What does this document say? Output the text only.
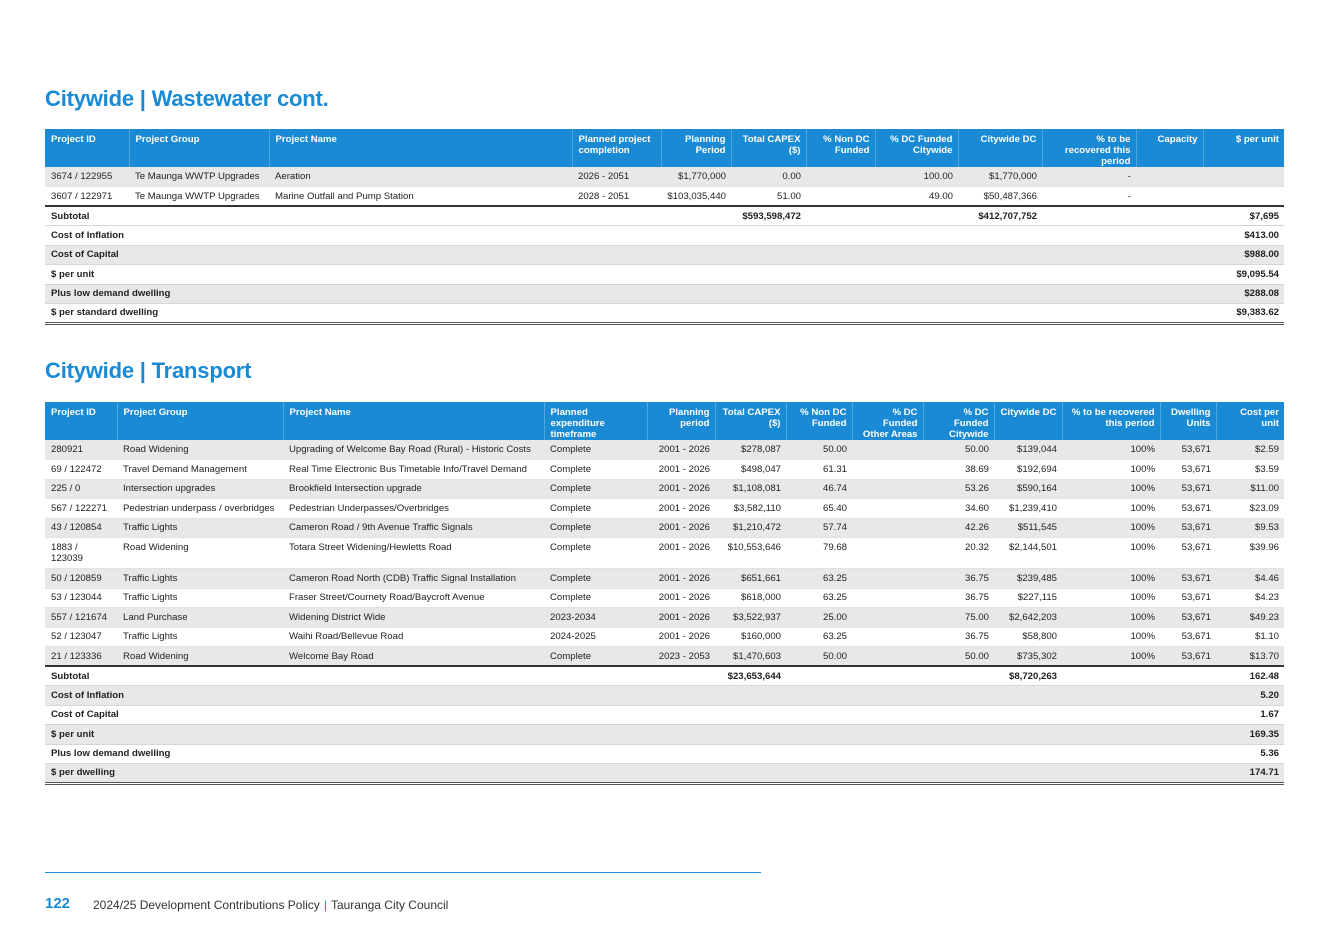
Citywide | Wastewater cont.
Project ID	Project Group	Project Name	Planned project completion	Planning Period	Total CAPEX ($)	% Non DC Funded	% DC Funded Citywide	Citywide DC	% to be recovered this period	Capacity	$ per unit
3674 / 122955	Te Maunga WWTP Upgrades	Aeration	2026 - 2051	$1,770,000	0.00		100.00	$1,770,000	-		
3607 / 122971	Te Maunga WWTP Upgrades	Marine Outfall and Pump Station	2028 - 2051	$103,035,440	51.00		49.00	$50,487,366	-		
Subtotal					$593,598,472			$412,707,752			$7,695
Cost of Inflation											$413.00
Cost of Capital											$988.00
$ per unit											$9,095.54
Plus low demand dwelling											$288.08
$ per standard dwelling											$9,383.62
Citywide | Transport
Project ID	Project Group	Project Name	Planned expenditure timeframe	Planning period	Total CAPEX ($)	% Non DC Funded	% DC Funded Other Areas	% DC Funded Citywide	Citywide DC	% to be recovered this period	Dwelling Units	Cost per unit
280921	Road Widening	Upgrading of Welcome Bay Road (Rural) - Historic Costs	Complete	2001 - 2026	$278,087	50.00		50.00	$139,044	100%	53,671	$2.59
69 / 122472	Travel Demand Management	Real Time Electronic Bus Timetable Info/Travel Demand	Complete	2001 - 2026	$498,047	61.31		38.69	$192,694	100%	53,671	$3.59
225 / 0	Intersection upgrades	Brookfield Intersection upgrade	Complete	2001 - 2026	$1,108,081	46.74		53.26	$590,164	100%	53,671	$11.00
567 / 122271	Pedestrian underpass / overbridges	Pedestrian Underpasses/Overbridges	Complete	2001 - 2026	$3,582,110	65.40		34.60	$1,239,410	100%	53,671	$23.09
43 / 120854	Traffic Lights	Cameron Road / 9th Avenue Traffic Signals	Complete	2001 - 2026	$1,210,472	57.74		42.26	$511,545	100%	53,671	$9.53
1883 / 123039	Road Widening	Totara Street Widening/Hewletts Road	Complete	2001 - 2026	$10,553,646	79.68		20.32	$2,144,501	100%	53,671	$39.96
50 / 120859	Traffic Lights	Cameron Road North (CDB) Traffic Signal Installation	Complete	2001 - 2026	$651,661	63.25		36.75	$239,485	100%	53,671	$4.46
53 / 123044	Traffic Lights	Fraser Street/Cournety Road/Baycroft Avenue	Complete	2001 - 2026	$618,000	63.25		36.75	$227,115	100%	53,671	$4.23
557 / 121674	Land Purchase	Widening District Wide	2023-2034	2001 - 2026	$3,522,937	25.00		75.00	$2,642,203	100%	53,671	$49.23
52 / 123047	Traffic Lights	Waihi Road/Bellevue Road	2024-2025	2001 - 2026	$160,000	63.25		36.75	$58,800	100%	53,671	$1.10
21 / 123336	Road Widening	Welcome Bay Road	Complete	2023 - 2053	$1,470,603	50.00		50.00	$735,302	100%	53,671	$13.70
Subtotal					$23,653,644				$8,720,263			162.48
Cost of Inflation												5.20
Cost of Capital												1.67
$ per unit												169.35
Plus low demand dwelling												5.36
$ per dwelling												174.71
122 2024/25 Development Contributions Policy | Tauranga City Council
